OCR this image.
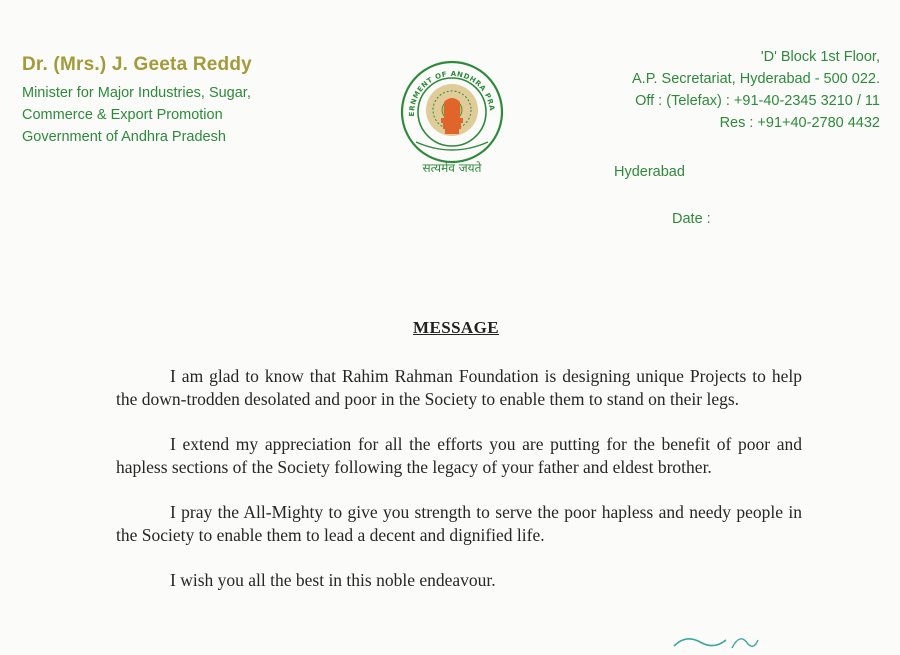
Dr. (Mrs.) J. Geeta Reddy
Minister for Major Industries, Sugar,
Commerce & Export Promotion
Government of Andhra Pradesh
ERNMENT OF ANDHRA PRA
सत्यमेव जयते
'D' Block 1st Floor,
A.P. Secretariat, Hyderabad - 500 022.
Off : (Telefax) : +91-40-2345 3210 / 11
Res : +91+40-2780 4432
Hyderabad
Date :
MESSAGE

I am glad to know that Rahim Rahman Foundation is designing unique Projects to help the down-trodden desolated and poor in the Society to enable them to stand on their legs.

I extend my appreciation for all the efforts you are putting for the benefit of poor and hapless sections of the Society following the legacy of your father and eldest brother.

I pray the All-Mighty to give you strength to serve the poor hapless and needy people in the Society to enable them to lead a decent and dignified life.

I wish you all the best in this noble endeavour.
